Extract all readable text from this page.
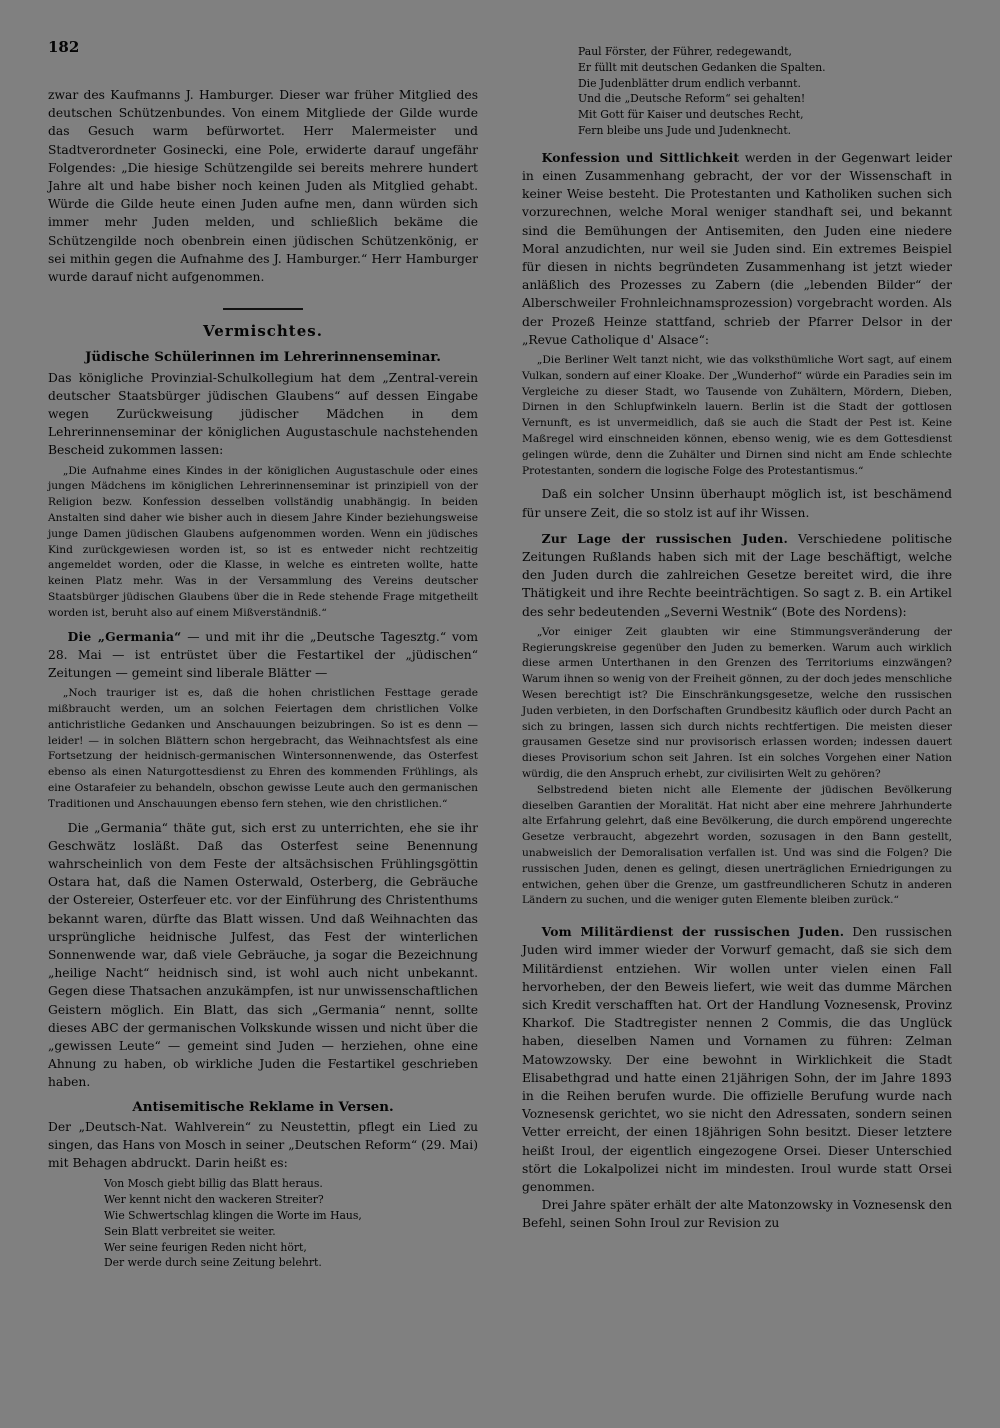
182

zwar des Kaufmanns J. Hamburger. Dieser war früher Mitglied des deutschen Schützenbundes. Von einem Mitgliede der Gilde wurde das Gesuch warm befürwortet. Herr Malermeister und Stadtverordneter Gosinecki, eine Pole, erwiderte darauf ungefähr Folgendes: „Die hiesige Schützengilde sei bereits mehrere hundert Jahre alt und habe bisher noch keinen Juden als Mitglied gehabt. Würde die Gilde heute einen Juden aufne men, dann würden sich immer mehr Juden melden, und schließlich bekäme die Schützengilde noch obenbrein einen jüdischen Schützenkönig, er sei mithin gegen die Aufnahme des J. Hamburger.“ Herr Hamburger wurde darauf nicht aufgenommen.

Vermischtes.
Jüdische Schülerinnen im Lehrerinnenseminar.

Das königliche Provinzial-Schulkollegium hat dem „Zentral-verein deutscher Staatsbürger jüdischen Glaubens“ auf dessen Eingabe wegen Zurückweisung jüdischer Mädchen in dem Lehrerinnenseminar der königlichen Augustaschule nachstehenden Bescheid zukommen lassen:

„Die Aufnahme eines Kindes in der königlichen Augustaschule oder eines jungen Mädchens im königlichen Lehrerinnenseminar ist prinzipiell von der Religion bezw. Konfession desselben vollständig unabhängig. In beiden Anstalten sind daher wie bisher auch in diesem Jahre Kinder beziehungsweise junge Damen jüdischen Glaubens aufgenommen worden. Wenn ein jüdisches Kind zurückgewiesen worden ist, so ist es entweder nicht rechtzeitig angemeldet worden, oder die Klasse, in welche es eintreten wollte, hatte keinen Platz mehr. Was in der Versammlung des Vereins deutscher Staatsbürger jüdischen Glaubens über die in Rede stehende Frage mitgetheilt worden ist, beruht also auf einem Mißverständniß.“

Die „Germania“ — und mit ihr die „Deutsche Tagesztg.“ vom 28. Mai — ist entrüstet über die Festartikel der „jüdischen“ Zeitungen — gemeint sind liberale Blätter —

„Noch trauriger ist es, daß die hohen christlichen Festtage gerade mißbraucht werden, um an solchen Feiertagen dem christlichen Volke antichristliche Gedanken und Anschauungen beizubringen. So ist es denn — leider! — in solchen Blättern schon hergebracht, das Weihnachtsfest als eine Fortsetzung der heidnisch-germanischen Wintersonnenwende, das Osterfest ebenso als einen Naturgottesdienst zu Ehren des kommenden Frühlings, als eine Ostarafeier zu behandeln, obschon gewisse Leute auch den germanischen Traditionen und Anschauungen ebenso fern stehen, wie den christlichen.“

Die „Germania“ thäte gut, sich erst zu unterrichten, ehe sie ihr Geschwätz losläßt. Daß das Osterfest seine Benennung wahrscheinlich von dem Feste der altsächsischen Frühlingsgöttin Ostara hat, daß die Namen Osterwald, Osterberg, die Gebräuche der Ostereier, Osterfeuer etc. vor der Einführung des Christenthums bekannt waren, dürfte das Blatt wissen. Und daß Weihnachten das ursprüngliche heidnische Julfest, das Fest der winterlichen Sonnenwende war, daß viele Gebräuche, ja sogar die Bezeichnung „heilige Nacht“ heidnisch sind, ist wohl auch nicht unbekannt. Gegen diese Thatsachen anzukämpfen, ist nur unwissenschaftlichen Geistern möglich. Ein Blatt, das sich „Germania“ nennt, sollte dieses ABC der germanischen Volkskunde wissen und nicht über die „gewissen Leute“ — gemeint sind Juden — herziehen, ohne eine Ahnung zu haben, ob wirkliche Juden die Festartikel geschrieben haben.

Antisemitische Reklame in Versen.

Der „Deutsch-Nat. Wahlverein“ zu Neustettin, pflegt ein Lied zu singen, das Hans von Mosch in seiner „Deutschen Reform“ (29. Mai) mit Behagen abdruckt. Darin heißt es:

Von Mosch giebt billig das Blatt heraus.
Wer kennt nicht den wackeren Streiter?
Wie Schwertschlag klingen die Worte im Haus,
Sein Blatt verbreitet sie weiter.
Wer seine feurigen Reden nicht hört,
Der werde durch seine Zeitung belehrt.
Paul Förster, der Führer, redegewandt,
Er füllt mit deutschen Gedanken die Spalten.
Die Judenblätter drum endlich verbannt.
Und die „Deutsche Reform“ sei gehalten!
Mit Gott für Kaiser und deutsches Recht,
Fern bleibe uns Jude und Judenknecht.

Konfession und Sittlichkeit werden in der Gegenwart leider in einen Zusammenhang gebracht, der vor der Wissenschaft in keiner Weise besteht. Die Protestanten und Katholiken suchen sich vorzurechnen, welche Moral weniger standhaft sei, und bekannt sind die Bemühungen der Antisemiten, den Juden eine niedere Moral anzudichten, nur weil sie Juden sind. Ein extremes Beispiel für diesen in nichts begründeten Zusammenhang ist jetzt wieder anläßlich des Prozesses zu Zabern (die „lebenden Bilder“ der Alberschweiler Frohnleichnamsprozession) vorgebracht worden. Als der Prozeß Heinze stattfand, schrieb der Pfarrer Delsor in der „Revue Catholique d' Alsace“:

„Die Berliner Welt tanzt nicht, wie das volksthümliche Wort sagt, auf einem Vulkan, sondern auf einer Kloake. Der „Wunderhof“ würde ein Paradies sein im Vergleiche zu dieser Stadt, wo Tausende von Zuhältern, Mördern, Dieben, Dirnen in den Schlupfwinkeln lauern. Berlin ist die Stadt der gottlosen Vernunft, es ist unvermeidlich, daß sie auch die Stadt der Pest ist. Keine Maßregel wird einschneiden können, ebenso wenig, wie es dem Gottesdienst gelingen würde, denn die Zuhälter und Dirnen sind nicht am Ende schlechte Protestanten, sondern die logische Folge des Protestantismus.“

Daß ein solcher Unsinn überhaupt möglich ist, ist beschämend für unsere Zeit, die so stolz ist auf ihr Wissen.

Zur Lage der russischen Juden. Verschiedene politische Zeitungen Rußlands haben sich mit der Lage beschäftigt, welche den Juden durch die zahlreichen Gesetze bereitet wird, die ihre Thätigkeit und ihre Rechte beeinträchtigen. So sagt z. B. ein Artikel des sehr bedeutenden „Severni Westnik“ (Bote des Nordens):

„Vor einiger Zeit glaubten wir eine Stimmungsveränderung der Regierungskreise gegenüber den Juden zu bemerken. Warum auch wirklich diese armen Unterthanen in den Grenzen des Territoriums einzwängen? Warum ihnen so wenig von der Freiheit gönnen, zu der doch jedes menschliche Wesen berechtigt ist? Die Einschränkungsgesetze, welche den russischen Juden verbieten, in den Dorfschaften Grundbesitz käuflich oder durch Pacht an sich zu bringen, lassen sich durch nichts rechtfertigen. Die meisten dieser grausamen Gesetze sind nur provisorisch erlassen worden; indessen dauert dieses Provisorium schon seit Jahren. Ist ein solches Vorgehen einer Nation würdig, die den Anspruch erhebt, zur civilisirten Welt zu gehören?

Selbstredend bieten nicht alle Elemente der jüdischen Bevölkerung dieselben Garantien der Moralität. Hat nicht aber eine mehrere Jahrhunderte alte Erfahrung gelehrt, daß eine Bevölkerung, die durch empörend ungerechte Gesetze verbraucht, abgezehrt worden, sozusagen in den Bann gestellt, unabweislich der Demoralisation verfallen ist. Und was sind die Folgen? Die russischen Juden, denen es gelingt, diesen unerträglichen Erniedrigungen zu entwichen, gehen über die Grenze, um gastfreundlicheren Schutz in anderen Ländern zu suchen, und die weniger guten Elemente bleiben zurück.“

Vom Militärdienst der russischen Juden. Den russischen Juden wird immer wieder der Vorwurf gemacht, daß sie sich dem Militärdienst entziehen. Wir wollen unter vielen einen Fall hervorheben, der den Beweis liefert, wie weit das dumme Märchen sich Kredit verschafften hat. Ort der Handlung Voznesensk, Provinz Kharkof. Die Stadtregister nennen 2 Commis, die das Unglück haben, dieselben Namen und Vornamen zu führen: Zelman Matowzowsky. Der eine bewohnt in Wirklichkeit die Stadt Elisabethgrad und hatte einen 21jährigen Sohn, der im Jahre 1893 in die Reihen berufen wurde. Die offizielle Berufung wurde nach Voznesensk gerichtet, wo sie nicht den Adressaten, sondern seinen Vetter erreicht, der einen 18jährigen Sohn besitzt. Dieser letztere heißt Iroul, der eigentlich eingezogene Orsei. Dieser Unterschied stört die Lokalpolizei nicht im mindesten. Iroul wurde statt Orsei genommen.

Drei Jahre später erhält der alte Matonzowsky in Voznesensk den Befehl, seinen Sohn Iroul zur Revision zu
